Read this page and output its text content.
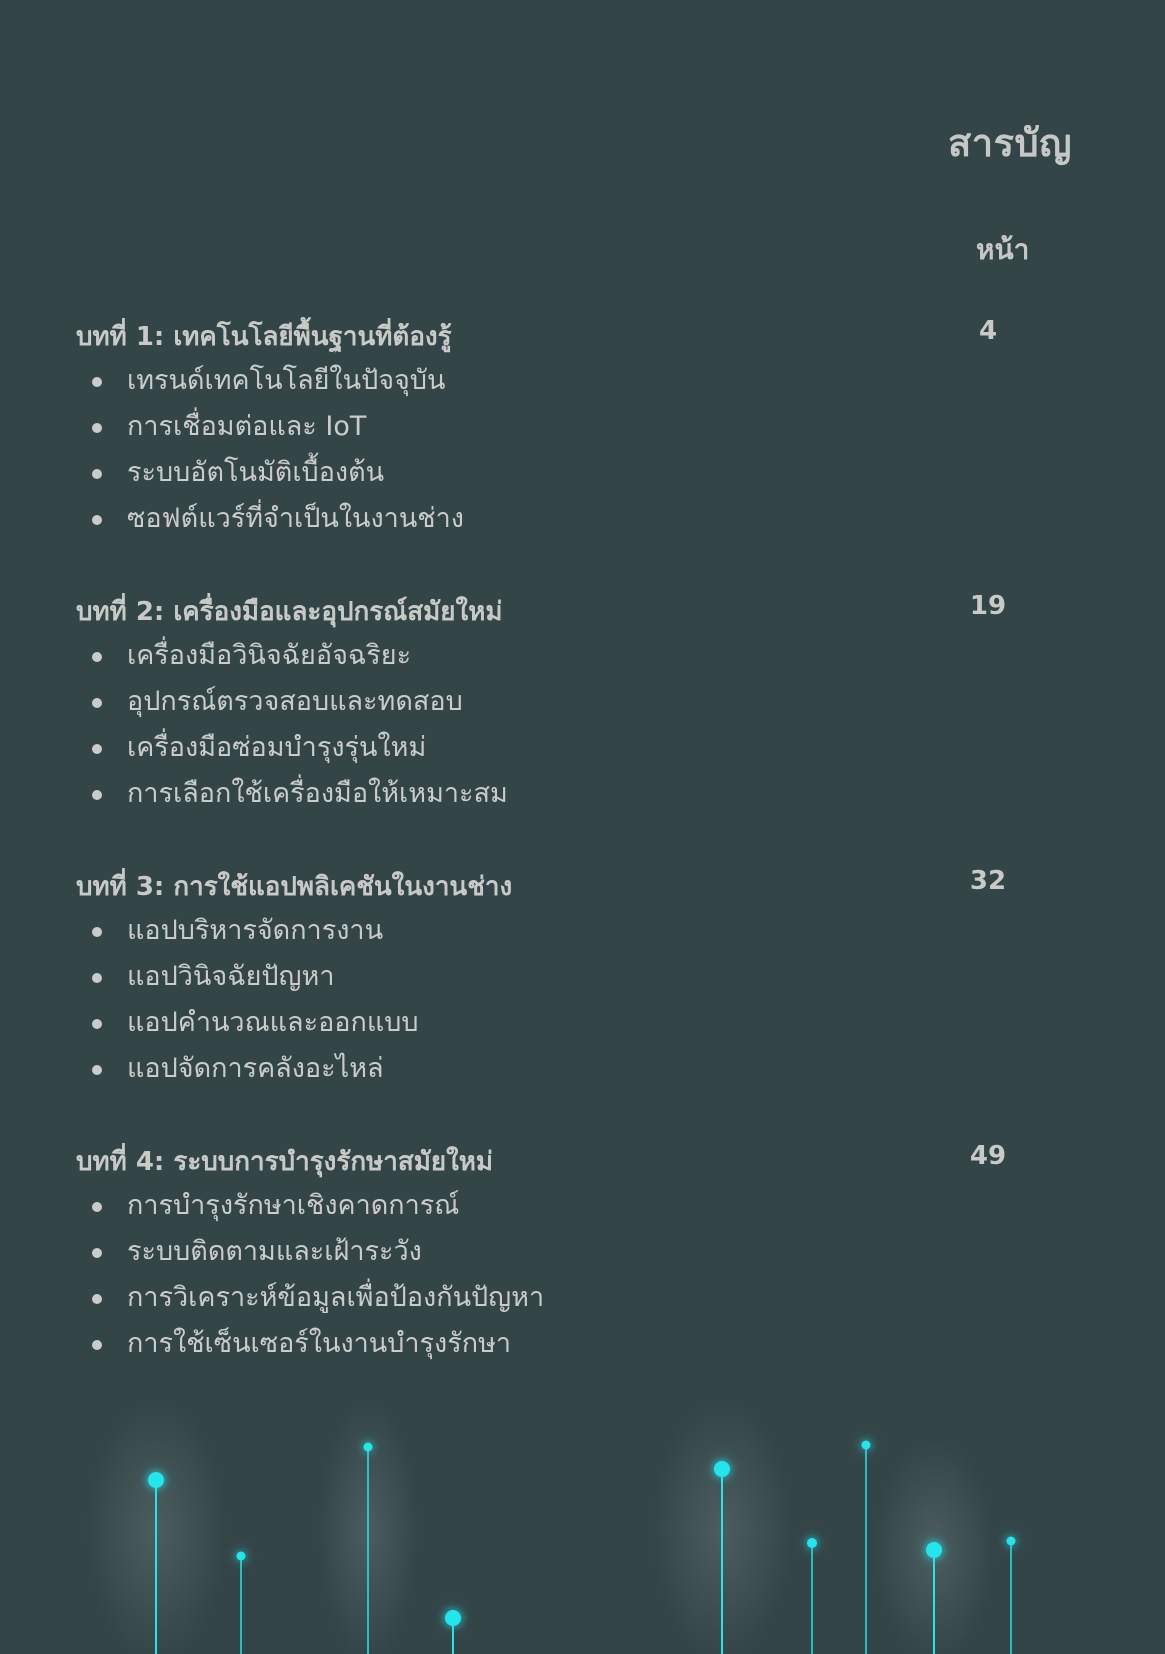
สารบัญ
หน้า
บทที่ 1: เทคโนโลยีพื้นฐานที่ต้องรู้	4
เทรนด์เทคโนโลยีในปัจจุบัน
การเชื่อมต่อและ IoT
ระบบอัตโนมัติเบื้องต้น
ซอฟต์แวร์ที่จำเป็นในงานช่าง
บทที่ 2: เครื่องมือและอุปกรณ์สมัยใหม่	19
เครื่องมือวินิจฉัยอัจฉริยะ
อุปกรณ์ตรวจสอบและทดสอบ
เครื่องมือซ่อมบำรุงรุ่นใหม่
การเลือกใช้เครื่องมือให้เหมาะสม
บทที่ 3: การใช้แอปพลิเคชันในงานช่าง	32
แอปบริหารจัดการงาน
แอปวินิจฉัยปัญหา
แอปคำนวณและออกแบบ
แอปจัดการคลังอะไหล่
บทที่ 4: ระบบการบำรุงรักษาสมัยใหม่	49
การบำรุงรักษาเชิงคาดการณ์
ระบบติดตามและเฝ้าระวัง
การวิเคราะห์ข้อมูลเพื่อป้องกันปัญหา
การใช้เซ็นเซอร์ในงานบำรุงรักษา
